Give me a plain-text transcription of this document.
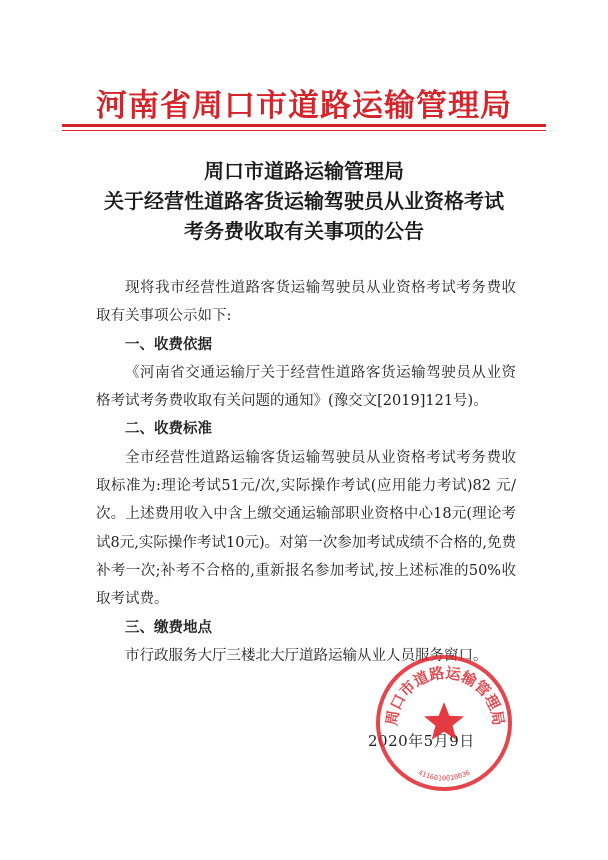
河南省周口市道路运输管理局
周口市道路运输管理局
关于经营性道路客货运输驾驶员从业资格考试
考务费收取有关事项的公告

现将我市经营性道路客货运输驾驶员从业资格考试考务费收取有关事项公示如下:

一、收费依据

《河南省交通运输厅关于经营性道路客货运输驾驶员从业资格考试考务费收取有关问题的通知》(豫交文[2019]121号)。

二、收费标准

全市经营性道路运输客货运输驾驶员从业资格考试考务费收取标准为:理论考试51元/次,实际操作考试(应用能力考试)82 元/次。上述费用收入中含上缴交通运输部职业资格中心18元(理论考试8元,实际操作考试10元)。对第一次参加考试成绩不合格的,免费补考一次;补考不合格的,重新报名参加考试,按上述标准的50%收取考试费。

三、缴费地点

市行政服务大厅三楼北大厅道路运输从业人员服务窗口。

2020年5月9日
周口市道路运输管理局
4116010010036
